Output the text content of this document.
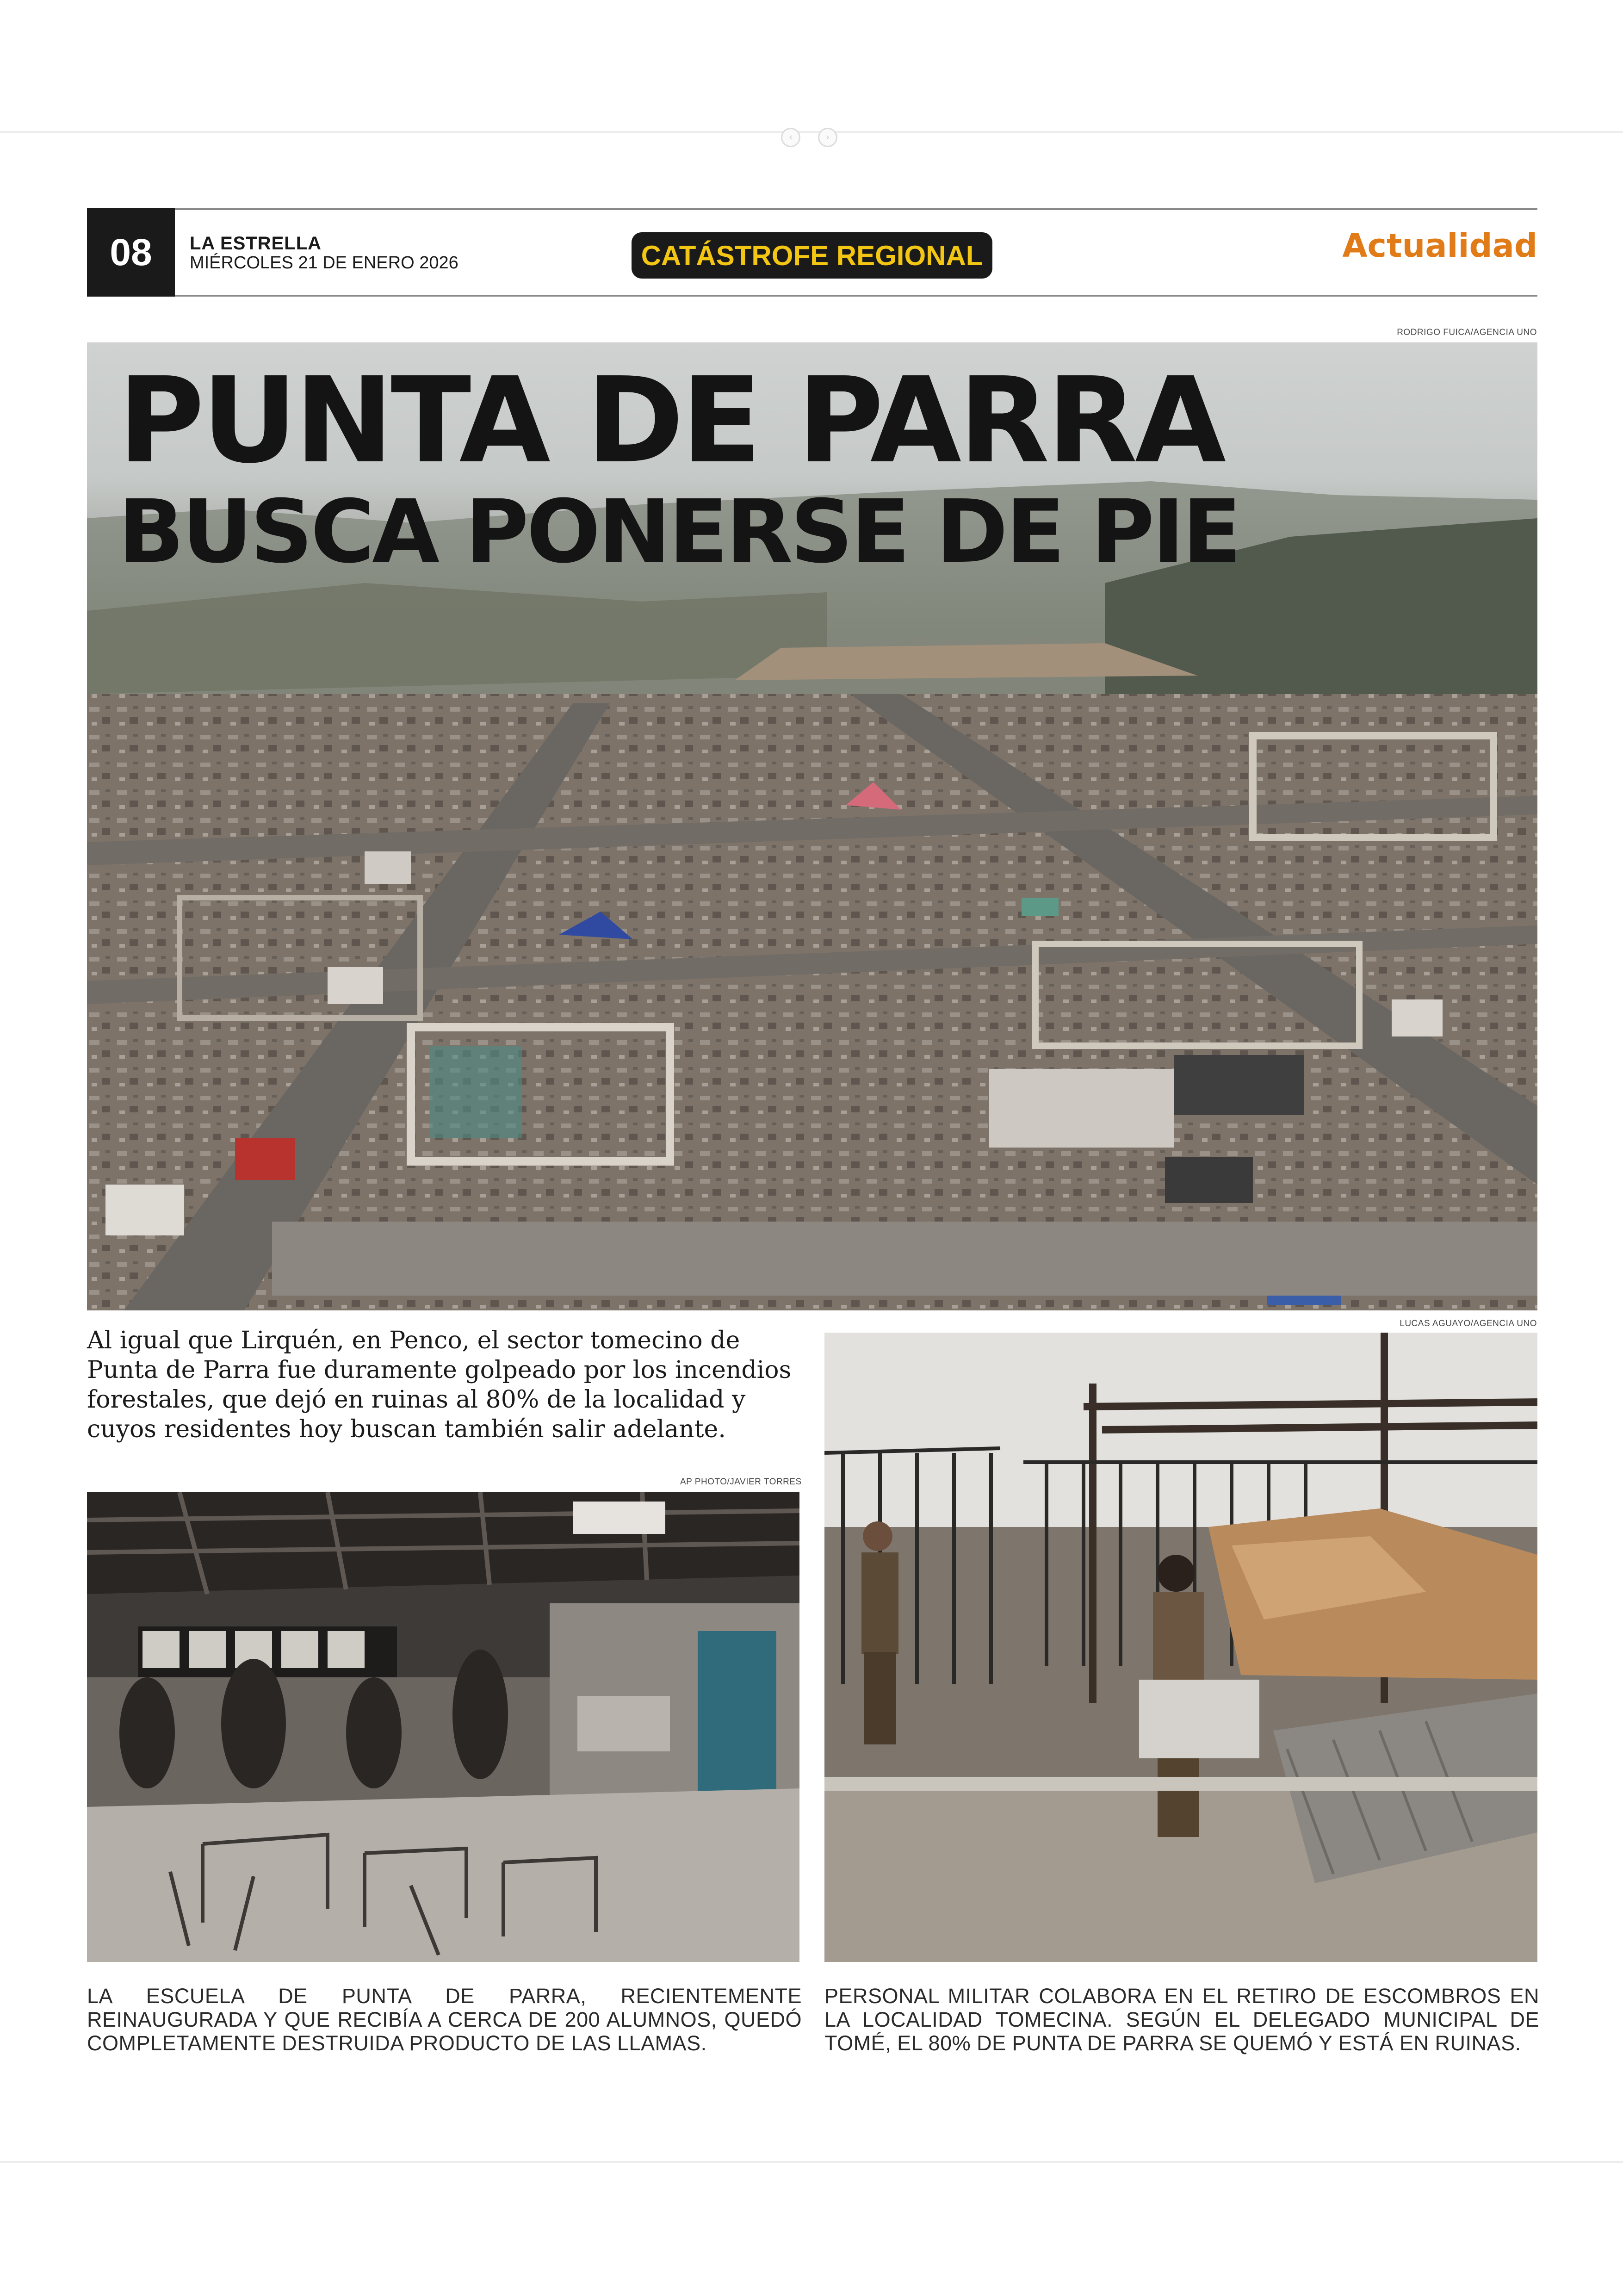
‹	›
08	LA ESTRELLA
MIÉRCOLES 21 DE ENERO 2026	CATÁSTROFE REGIONAL	Actualidad
RODRIGO FUICA/AGENCIA UNO
PUNTA DE PARRA
BUSCA PONERSE DE PIE
Al igual que Lirquén, en Penco, el sector tomecino de Punta de Parra fue duramente golpeado por los incendios forestales, que dejó en ruinas al 80% de la localidad y cuyos residentes hoy buscan también salir adelante.
AP PHOTO/JAVIER TORRES
LA ESCUELA DE PUNTA DE PARRA, RECIENTEMENTE REINAUGURADA Y QUE RECIBÍA A CERCA DE 200 ALUMNOS, QUEDÓ COMPLETAMENTE DESTRUIDA PRODUCTO DE LAS LLAMAS.
LUCAS AGUAYO/AGENCIA UNO
PERSONAL MILITAR COLABORA EN EL RETIRO DE ESCOMBROS EN LA LOCALIDAD TOMECINA. SEGÚN EL DELEGADO MUNICIPAL DE TOMÉ, EL 80% DE PUNTA DE PARRA SE QUEMÓ Y ESTÁ EN RUINAS.
